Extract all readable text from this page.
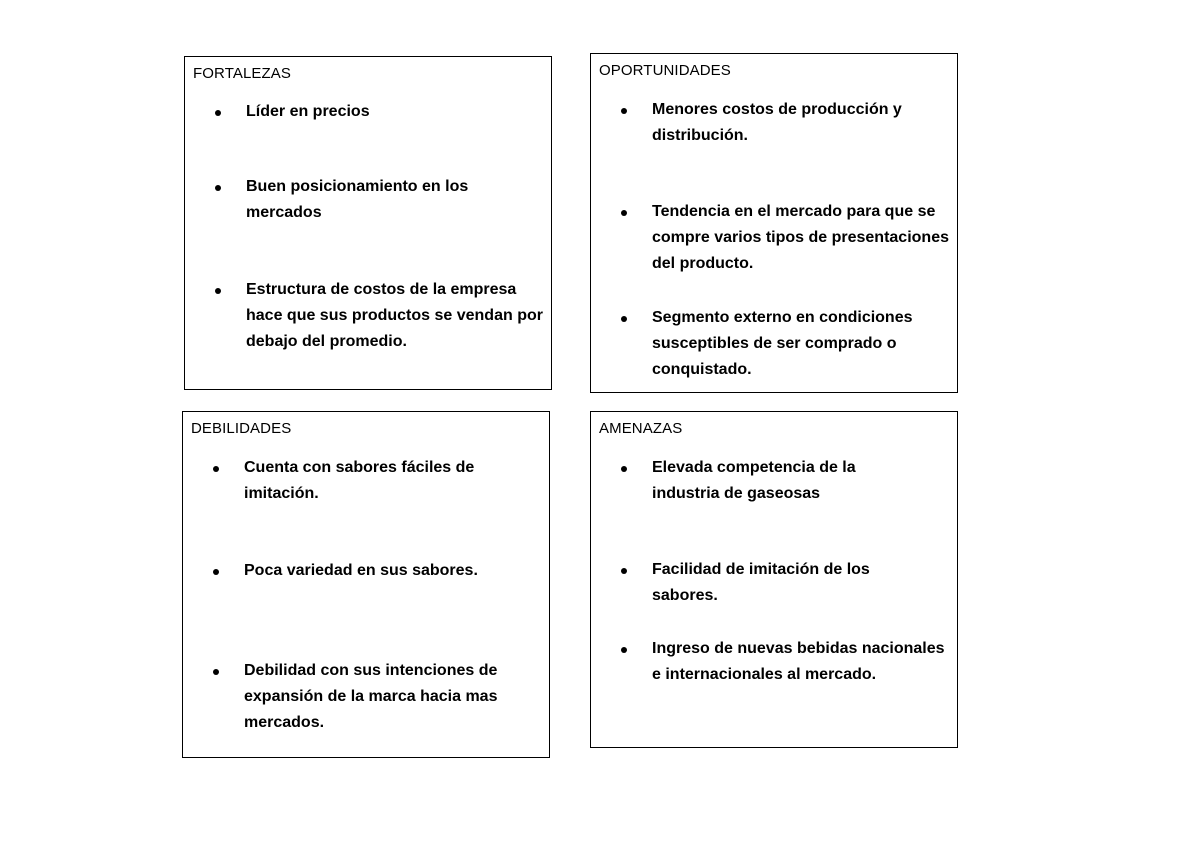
FORTALEZAS
Líder en precios
Buen posicionamiento en los mercados
Estructura de costos de la empresa hace que sus productos se vendan por debajo del promedio.
OPORTUNIDADES
Menores costos de producción y distribución.
Tendencia en el mercado para que se compre varios tipos de presentaciones del producto.
Segmento externo en condiciones susceptibles de ser comprado o conquistado.
DEBILIDADES
Cuenta con sabores fáciles de imitación.
Poca variedad en sus sabores.
Debilidad con sus intenciones de expansión de la marca hacia mas mercados.
AMENAZAS
Elevada competencia de la industria de gaseosas
Facilidad de imitación de los sabores.
Ingreso de nuevas bebidas nacionales e internacionales al mercado.
